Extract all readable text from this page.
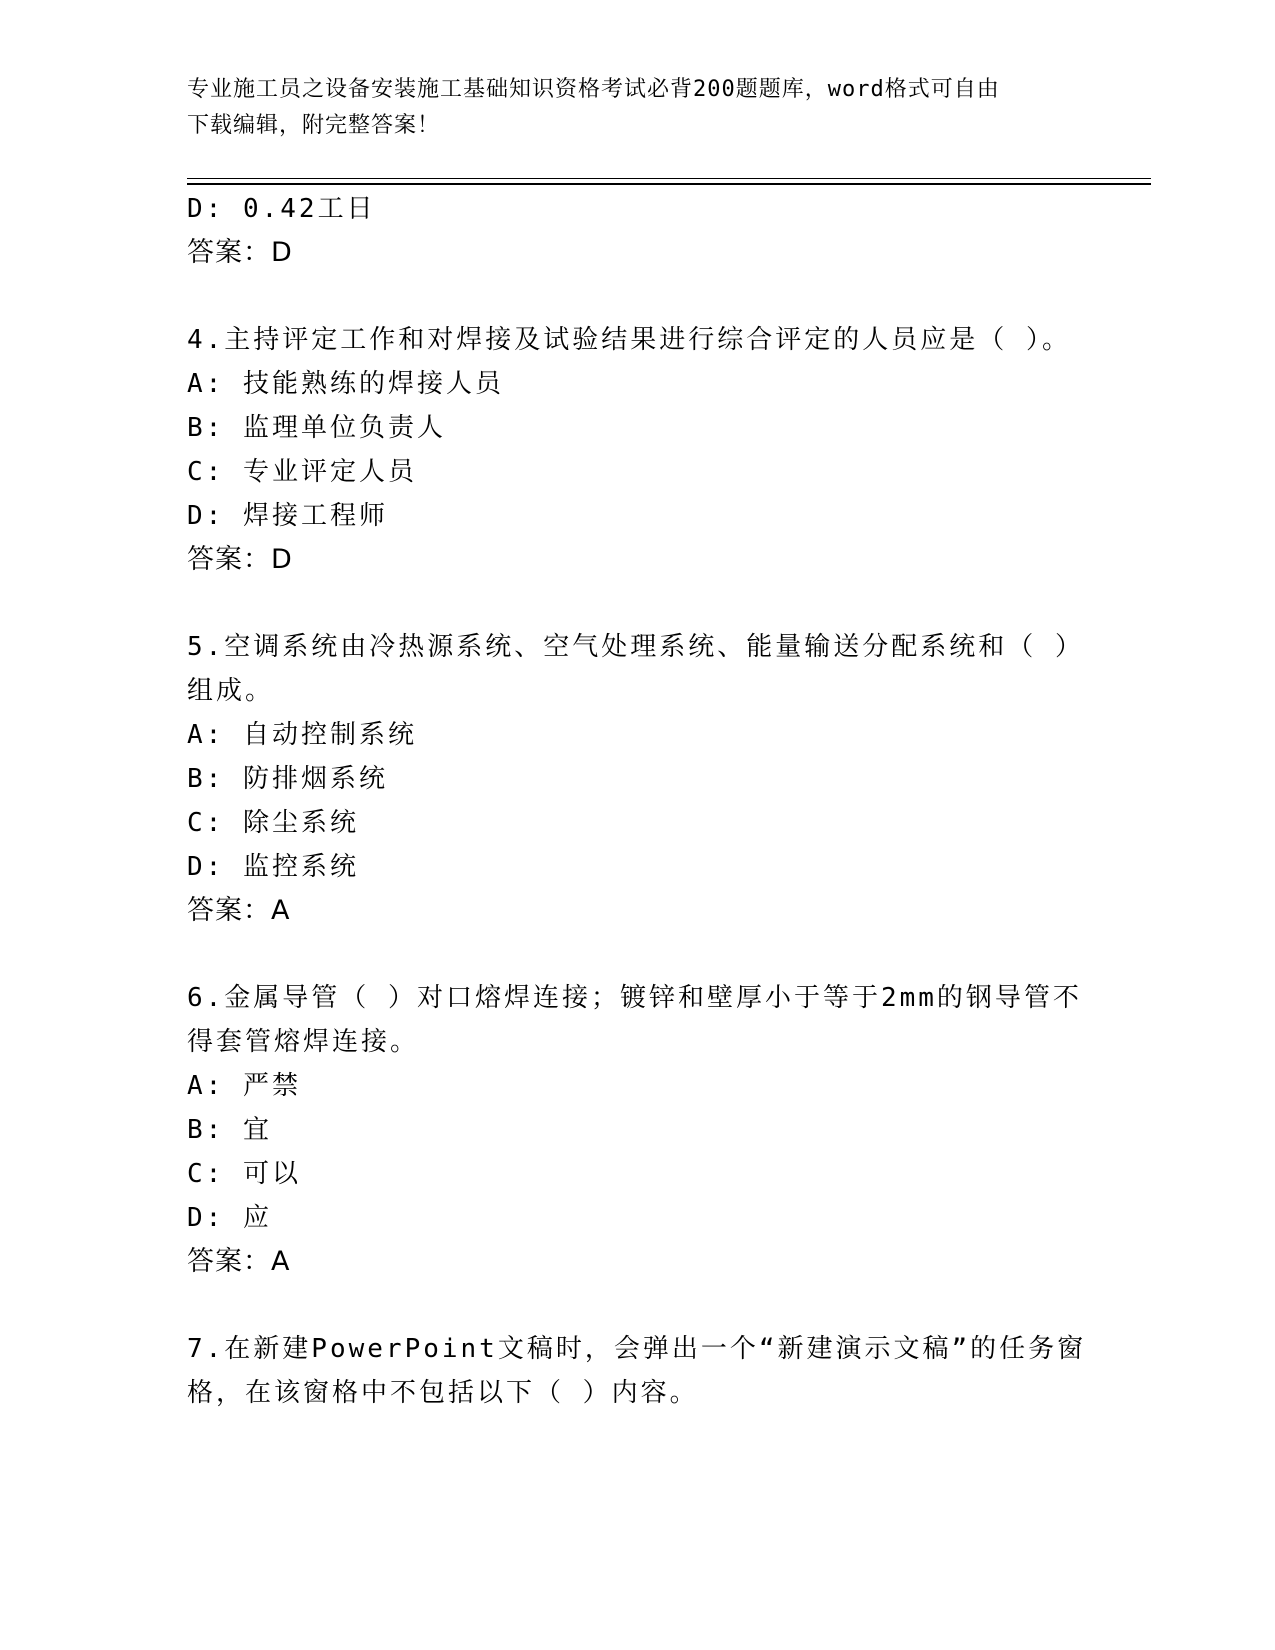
专业施工员之设备安装施工基础知识资格考试必背200题题库，word格式可自由
下载编辑，附完整答案！
D: 0.42工日
答案：D
4.主持评定工作和对焊接及试验结果进行综合评定的人员应是（ ）。
A: 技能熟练的焊接人员
B: 监理单位负责人
C: 专业评定人员
D: 焊接工程师
答案：D
5.空调系统由冷热源系统、空气处理系统、能量输送分配系统和（ ）
组成。
A: 自动控制系统
B: 防排烟系统
C: 除尘系统
D: 监控系统
答案：A
6.金属导管（ ）对口熔焊连接；镀锌和壁厚小于等于2mm的钢导管不
得套管熔焊连接。
A: 严禁
B: 宜
C: 可以
D: 应
答案：A
7.在新建PowerPoint文稿时，会弹出一个“新建演示文稿”的任务窗
格，在该窗格中不包括以下（ ）内容。
